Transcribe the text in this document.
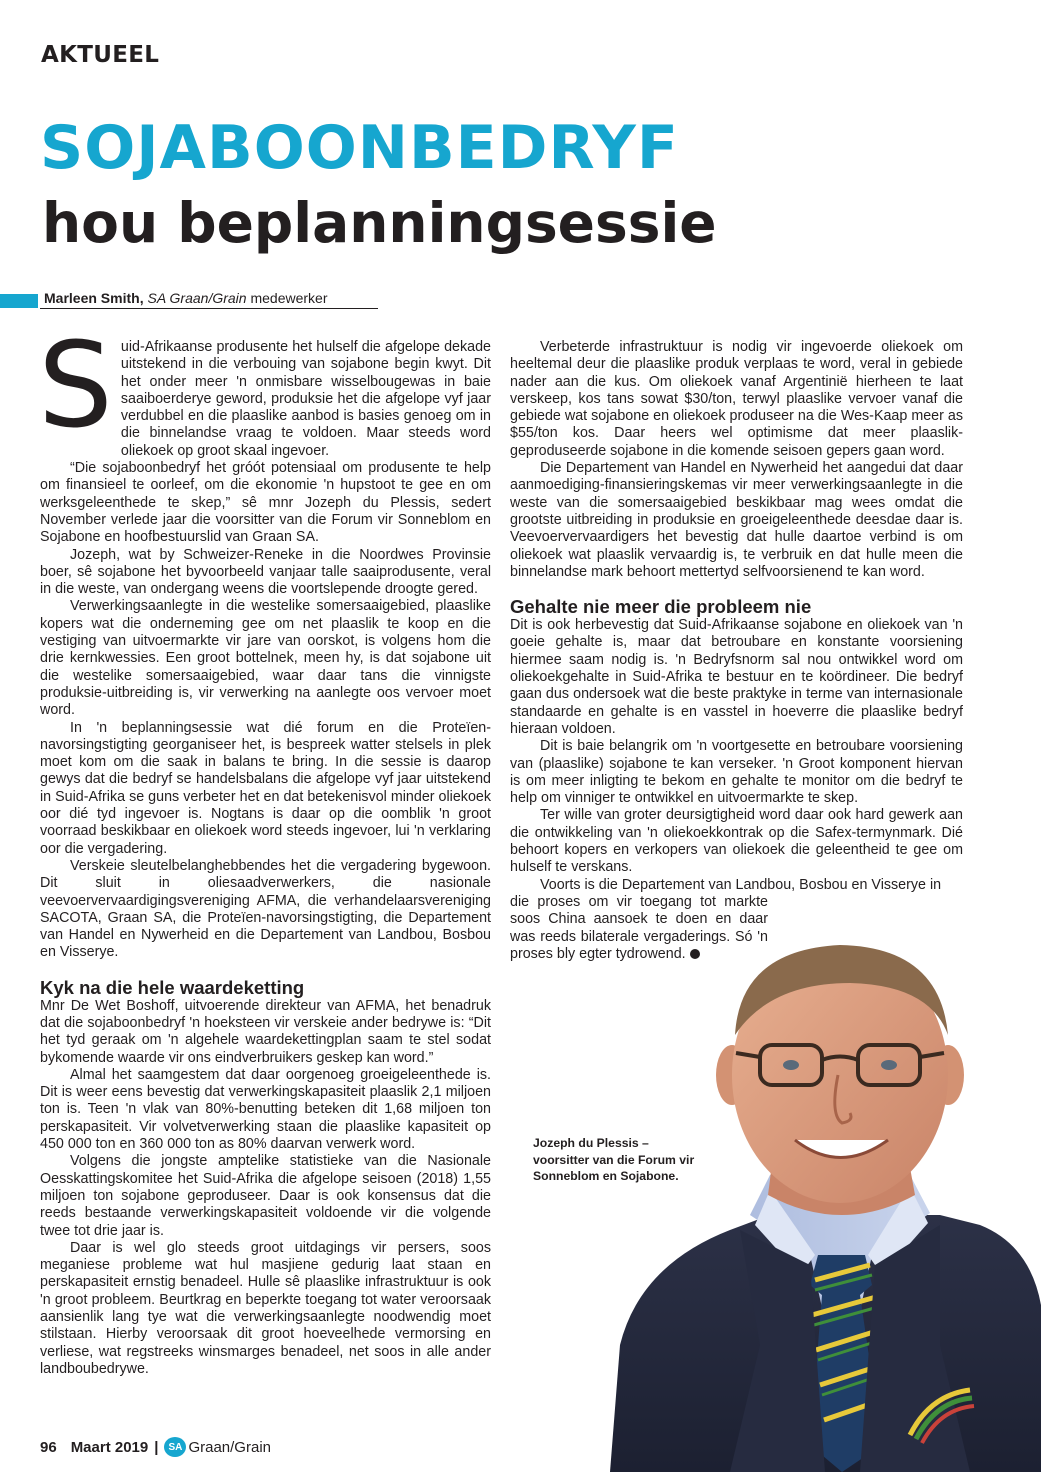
AKTUEEL
SOJABOONBEDRYF
hou beplanningsessie
Marleen Smith, SA Graan/Grain medewerker

Suid-Afrikaanse produsente het hulself die afgelope dekade uitstekend in die verbouing van sojabone begin kwyt. Dit het onder meer 'n onmisbare wisselbougewas in baie saaiboerderye geword, produksie het die afgelope vyf jaar verdubbel en die plaaslike aanbod is basies genoeg om in die binnelandse vraag te voldoen. Maar steeds word oliekoek op groot skaal ingevoer.

“Die sojaboonbedryf het gróót potensiaal om produsente te help om finansieel te oorleef, om die ekonomie 'n hupstoot te gee en om werksgeleenthede te skep,” sê mnr Jozeph du Plessis, sedert November verlede jaar die voorsitter van die Forum vir Sonneblom en Sojabone en hoofbestuurslid van Graan SA.

Jozeph, wat by Schweizer-Reneke in die Noordwes Provinsie boer, sê sojabone het byvoorbeeld vanjaar talle saaiprodusente, veral in die weste, van ondergang weens die voortslepende droogte gered.

Verwerkingsaanlegte in die westelike somersaaigebied, plaaslike kopers wat die onderneming gee om net plaaslik te koop en die vestiging van uitvoermarkte vir jare van oorskot, is volgens hom die drie kernkwessies. Een groot bottelnek, meen hy, is dat sojabone uit die westelike somersaaigebied, waar daar tans die vinnigste produksie-uitbreiding is, vir verwerking na aanlegte oos vervoer moet word.

In 'n beplanningsessie wat dié forum en die Proteïen-navorsingstigting georganiseer het, is bespreek watter stelsels in plek moet kom om die saak in balans te bring. In die sessie is daarop gewys dat die bedryf se handelsbalans die afgelope vyf jaar uitstekend in Suid-Afrika se guns verbeter het en dat betekenisvol minder oliekoek oor dié tyd ingevoer is. Nogtans is daar op die oomblik 'n groot voorraad beskikbaar en oliekoek word steeds ingevoer, lui 'n verklaring oor die vergadering.

Verskeie sleutelbelanghebbendes het die vergadering bygewoon. Dit sluit in oliesaadverwerkers, die nasionale veevoervervaardigingsvereniging AFMA, die verhandelaarsvereniging SACOTA, Graan SA, die Proteïen-navorsingstigting, die Departement van Handel en Nywerheid en die Departement van Landbou, Bosbou en Visserye.

Kyk na die hele waardeketting

Mnr De Wet Boshoff, uitvoerende direkteur van AFMA, het benadruk dat die sojaboonbedryf 'n hoeksteen vir verskeie ander bedrywe is: “Dit het tyd geraak om 'n algehele waardekettingplan saam te stel sodat bykomende waarde vir ons eindverbruikers geskep kan word.”

Almal het saamgestem dat daar oorgenoeg groeigeleenthede is. Dit is weer eens bevestig dat verwerkingskapasiteit plaaslik 2,1 miljoen ton is. Teen 'n vlak van 80%-benutting beteken dit 1,68 miljoen ton perskapasiteit. Vir volvetverwerking staan die plaaslike kapasiteit op 450 000 ton en 360 000 ton as 80% daarvan verwerk word.

Volgens die jongste amptelike statistieke van die Nasionale Oesskattingskomitee het Suid-Afrika die afgelope seisoen (2018) 1,55 miljoen ton sojabone geproduseer. Daar is ook konsensus dat die reeds bestaande verwerkingskapasiteit voldoende vir die volgende twee tot drie jaar is.

Daar is wel glo steeds groot uitdagings vir persers, soos meganiese probleme wat hul masjiene gedurig laat staan en perskapasiteit ernstig benadeel. Hulle sê plaaslike infrastruktuur is ook 'n groot probleem. Beurtkrag en beperkte toegang tot water veroorsaak aansienlik lang tye wat die verwerkingsaanlegte noodwendig moet stilstaan. Hierby veroorsaak dit groot hoeveelhede vermorsing en verliese, wat regstreeks winsmarges benadeel, net soos in alle ander landboubedrywe.

Verbeterde infrastruktuur is nodig vir ingevoerde oliekoek om heeltemal deur die plaaslike produk verplaas te word, veral in gebiede nader aan die kus. Om oliekoek vanaf Argentinië hierheen te laat verskeep, kos tans sowat $30/ton, terwyl plaaslike vervoer vanaf die gebiede wat sojabone en oliekoek produseer na die Wes-Kaap meer as $55/ton kos. Daar heers wel optimisme dat meer plaaslik-geproduseerde sojabone in die komende seisoen gepers gaan word.

Die Departement van Handel en Nywerheid het aangedui dat daar aanmoediging-finansieringskemas vir meer verwerkingsaanlegte in die weste van die somersaaigebied beskikbaar mag wees omdat die grootste uitbreiding in produksie en groeigeleenthede deesdae daar is. Veevoervervaardigers het bevestig dat hulle daartoe verbind is om oliekoek wat plaaslik vervaardig is, te verbruik en dat hulle meen die binnelandse mark behoort mettertyd selfvoorsienend te kan word.

Gehalte nie meer die probleem nie

Dit is ook herbevestig dat Suid-Afrikaanse sojabone en oliekoek van 'n goeie gehalte is, maar dat betroubare en konstante voorsiening hiermee saam nodig is. 'n Bedryfsnorm sal nou ontwikkel word om oliekoekgehalte in Suid-Afrika te bestuur en te koördineer. Die bedryf gaan dus ondersoek wat die beste praktyke in terme van internasionale standaarde en gehalte is en vasstel in hoeverre die plaaslike bedryf hieraan voldoen.

Dit is baie belangrik om 'n voortgesette en betroubare voorsiening van (plaaslike) sojabone te kan verseker. 'n Groot komponent hiervan is om meer inligting te bekom en gehalte te monitor om die bedryf te help om vinniger te ontwikkel en uitvoermarkte te skep.

Ter wille van groter deursigtigheid word daar ook hard gewerk aan die ontwikkeling van 'n oliekoekkontrak op die Safex-termynmark. Dié behoort kopers en verkopers van oliekoek die geleentheid te gee om hulself te verskans.

Voorts is die Departement van Landbou, Bosbou en Visserye in

die proses om vir toegang tot markte soos China aansoek te doen en daar was reeds bilaterale vergaderings. Só 'n proses bly egter tydrowend.

Jozeph du Plessis – voorsitter van die Forum vir Sonneblom en Sojabone.
96 Maart 2019 |	SA Graan/Grain
